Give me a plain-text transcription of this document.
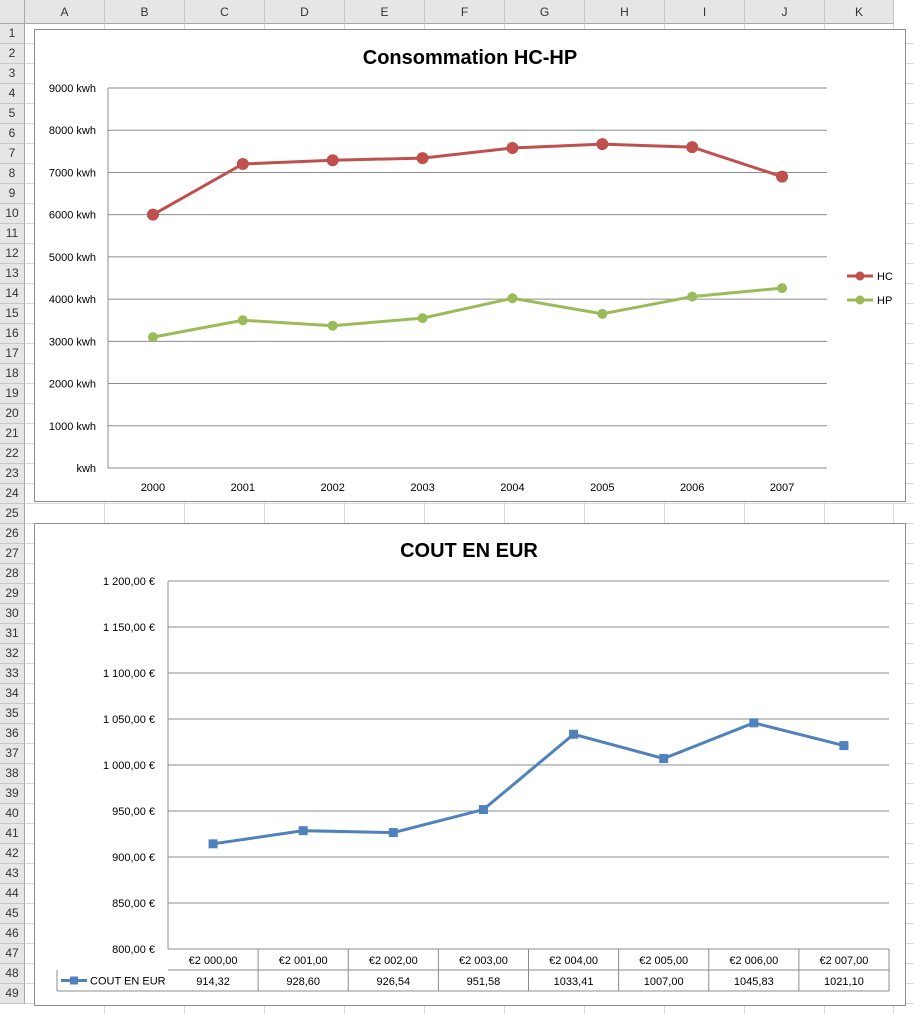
A	B	C	D	E	F	G	H	I	J	K
1
2
3
4
5
6
7
8
9
10
11
12
13
14
15
16
17
18
19
20
21
22
23
24
25
26
27
28
29
30
31
32
33
34
35
36
37
38
39
40
41
42
43
44
45
46
47
48
49
Consommation HC-HP
kwh
1000 kwh
2000 kwh
3000 kwh
4000 kwh
5000 kwh
6000 kwh
7000 kwh
8000 kwh
9000 kwh
2000	2001	2002	2003	2004	2005	2006	2007
HC
HP
COUT EN EUR
800,00 €
850,00 €
900,00 €
950,00 €
1 000,00 €
1 050,00 €
1 100,00 €
1 150,00 €
1 200,00 €
€2 000,00	€2 001,00	€2 002,00	€2 003,00	€2 004,00	€2 005,00	€2 006,00	€2 007,00
914,32	928,60	926,54	951,58	1033,41	1007,00	1045,83	1021,10
COUT EN EUR
